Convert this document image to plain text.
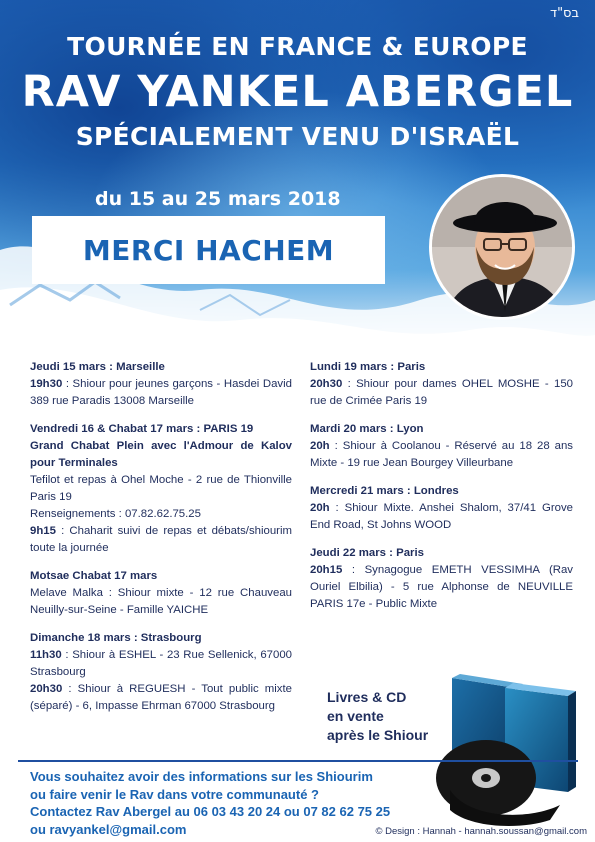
בס"ד
TOURNÉE EN FRANCE & EUROPE
RAV YANKEL ABERGEL
SPÉCIALEMENT VENU D'ISRAËL
du 15 au 25 mars 2018
MERCI HACHEM
Jeudi 15 mars : Marseille
19h30 : Shiour pour jeunes garçons - Hasdei David 389 rue Paradis 13008 Marseille
Vendredi 16 & Chabat 17 mars : PARIS 19
Grand Chabat Plein avec l'Admour de Kalov pour Terminales
Tefilot et repas à Ohel Moche - 2 rue de Thionville Paris 19
Renseignements : 07.82.62.75.25
9h15 : Chaharit suivi de repas et débats/shiourim toute la journée
Motsae Chabat 17 mars
Melave Malka : Shiour mixte - 12 rue Chauveau Neuilly-sur-Seine - Famille YAICHE
Dimanche 18 mars : Strasbourg
11h30 : Shiour à ESHEL - 23 Rue Sellenick, 67000 Strasbourg
20h30 : Shiour à REGUESH - Tout public mixte (séparé) - 6, Impasse Ehrman 67000 Strasbourg
Lundi 19 mars : Paris
20h30 : Shiour pour dames OHEL MOSHE - 150 rue de Crimée Paris 19
Mardi 20 mars : Lyon
20h : Shiour à Coolanou - Réservé au 18 28 ans Mixte - 19 rue Jean Bourgey Villeurbane
Mercredi 21 mars : Londres
20h : Shiour Mixte. Anshei Shalom, 37/41 Grove End Road, St Johns WOOD
Jeudi 22 mars : Paris
20h15 : Synagogue EMETH VESSIMHA (Rav Ouriel Elbilia) - 5 rue Alphonse de NEUVILLE PARIS 17e - Public Mixte
Livres & CD
en vente
après le Shiour
Vous souhaitez avoir des informations sur les Shiourim
ou faire venir le Rav dans votre communauté ?
Contactez Rav Abergel au 06 03 43 20 24 ou 07 82 62 75 25
ou ravyankel@gmail.com	© Design : Hannah - hannah.soussan@gmail.com
